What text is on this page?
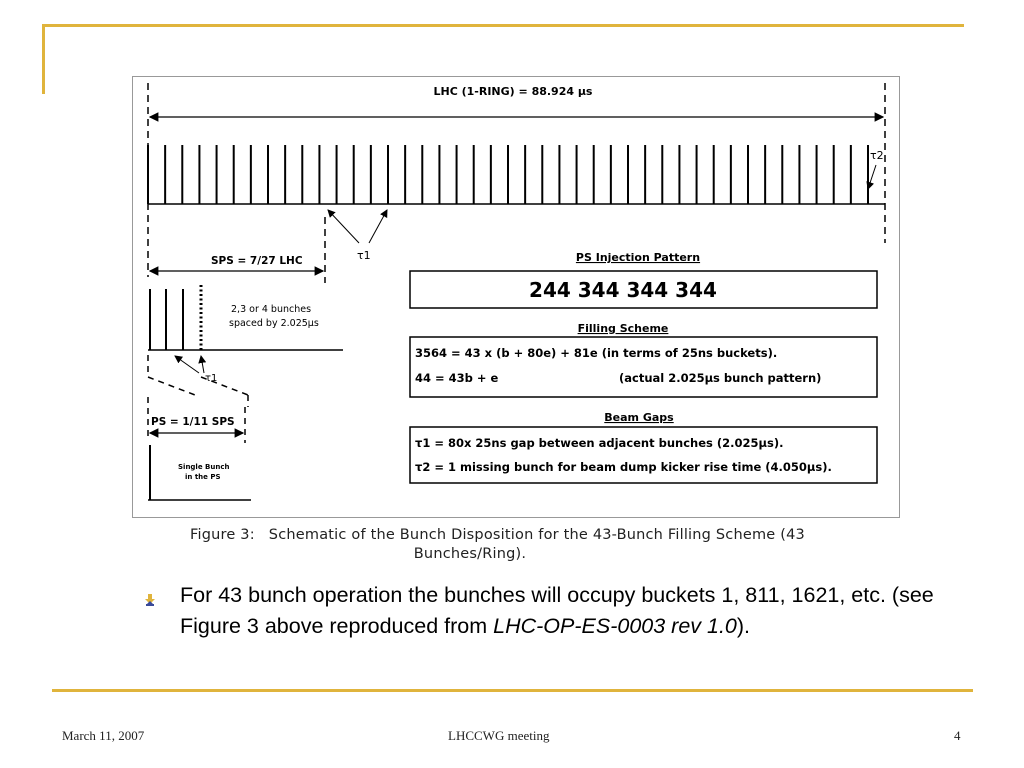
LHC (1-RING) = 88.924 µs
τ2
τ1
SPS = 7/27 LHC
2,3 or 4 bunches
spaced by 2.025µs
τ1
PS = 1/11 SPS
Single Bunch
in the PS
PS Injection Pattern
244 344 344 344
Filling Scheme
3564 = 43 x (b + 80e) + 81e (in terms of 25ns buckets).
44 = 43b + e	(actual 2.025µs bunch pattern)
Beam Gaps
τ1 = 80x 25ns gap between adjacent bunches (2.025µs).
τ2 = 1 missing bunch for beam dump kicker rise time (4.050µs).
Figure 3: Schematic of the Bunch Disposition for the 43-Bunch Filling Scheme (43
Bunches/Ring).
For 43 bunch operation the bunches will occupy buckets 1, 811, 1621, etc. (see Figure 3 above reproduced from LHC-OP-ES-0003 rev 1.0).
March 11, 2007	LHCCWG meeting	4
